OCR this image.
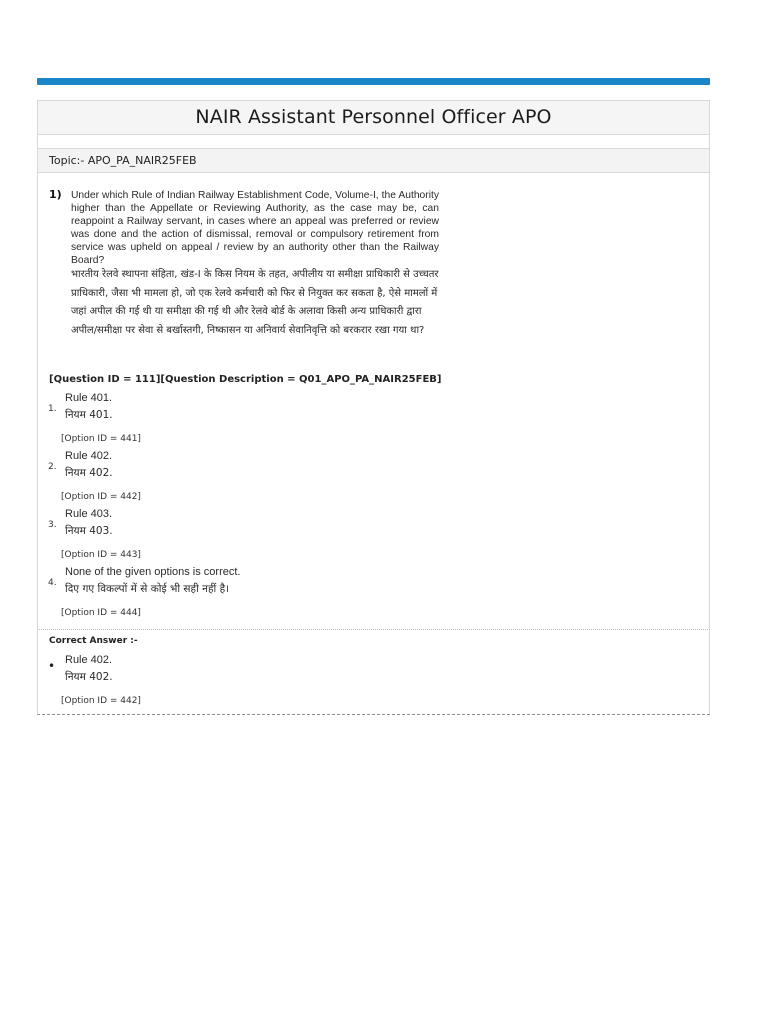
NAIR Assistant Personnel Officer APO
Topic:- APO_PA_NAIR25FEB
1) Under which Rule of Indian Railway Establishment Code, Volume-I, the Authority higher than the Appellate or Reviewing Authority, as the case may be, can reappoint a Railway servant, in cases where an appeal was preferred or review was done and the action of dismissal, removal or compulsory retirement from service was upheld on appeal / review by an authority other than the Railway Board?
भारतीय रेलवे स्थापना संहिता, खंड-I के किस नियम के तहत, अपीलीय या समीक्षा प्राधिकारी से उच्चतर प्राधिकारी, जैसा भी मामला हो, जो एक रेलवे कर्मचारी को फिर से नियुक्त कर सकता है, ऐसे मामलों में जहां अपील की गई थी या समीक्षा की गई थी और रेलवे बोर्ड के अलावा किसी अन्य प्राधिकारी द्वारा अपील/समीक्षा पर सेवा से बर्खास्तगी, निष्कासन या अनिवार्य सेवानिवृत्ति को बरकरार रखा गया था?
[Question ID = 111][Question Description = Q01_APO_PA_NAIR25FEB]
1.
Rule 401.
नियम 401.
[Option ID = 441]
2.
Rule 402.
नियम 402.
[Option ID = 442]
3.
Rule 403.
नियम 403.
[Option ID = 443]
4.
None of the given options is correct.
दिए गए विकल्पों में से कोई भी सही नहीं है।
[Option ID = 444]
Correct Answer :-
• Rule 402.
नियम 402.
[Option ID = 442]
